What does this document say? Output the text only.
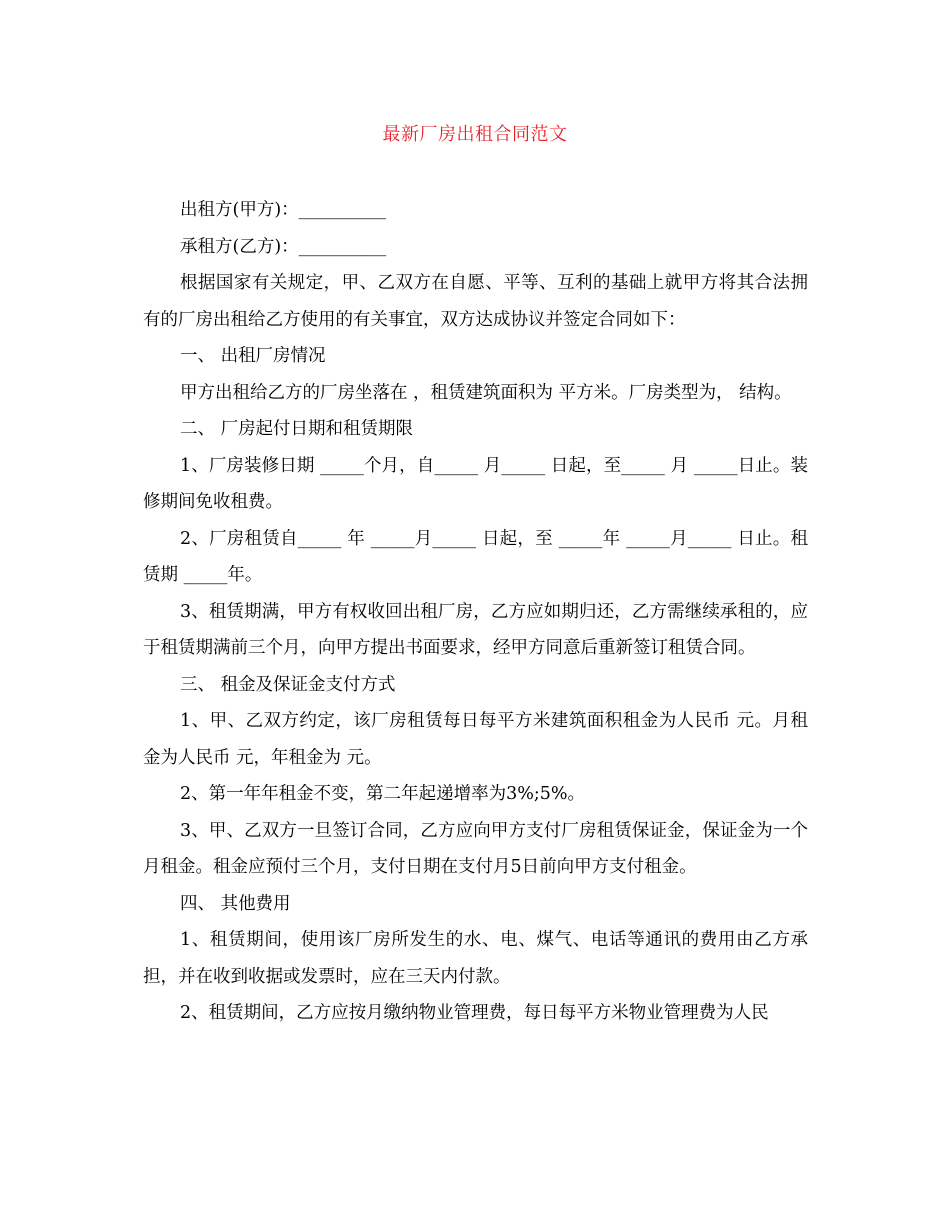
最新厂房出租合同范文

出租方(甲方)：__________

承租方(乙方)：__________

根据国家有关规定，甲、乙双方在自愿、平等、互利的基础上就甲方将其合法拥有的厂房出租给乙方使用的有关事宜，双方达成协议并签定合同如下：

一、 出租厂房情况

甲方出租给乙方的厂房坐落在 ，租赁建筑面积为 平方米。厂房类型为， 结构。

二、 厂房起付日期和租赁期限

1、厂房装修日期 _____个月，自_____ 月_____ 日起，至_____ 月 _____日止。装修期间免收租费。

2、厂房租赁自_____ 年 _____月_____ 日起，至 _____年 _____月_____ 日止。租赁期 _____年。

3、租赁期满，甲方有权收回出租厂房，乙方应如期归还，乙方需继续承租的，应于租赁期满前三个月，向甲方提出书面要求，经甲方同意后重新签订租赁合同。

三、 租金及保证金支付方式

1、甲、乙双方约定，该厂房租赁每日每平方米建筑面积租金为人民币 元。月租金为人民币 元，年租金为 元。

2、第一年年租金不变，第二年起递增率为3%;5%。

3、甲、乙双方一旦签订合同，乙方应向甲方支付厂房租赁保证金，保证金为一个月租金。租金应预付三个月，支付日期在支付月5日前向甲方支付租金。

四、 其他费用

1、租赁期间，使用该厂房所发生的水、电、煤气、电话等通讯的费用由乙方承担，并在收到收据或发票时，应在三天内付款。

2、租赁期间，乙方应按月缴纳物业管理费，每日每平方米物业管理费为人民
